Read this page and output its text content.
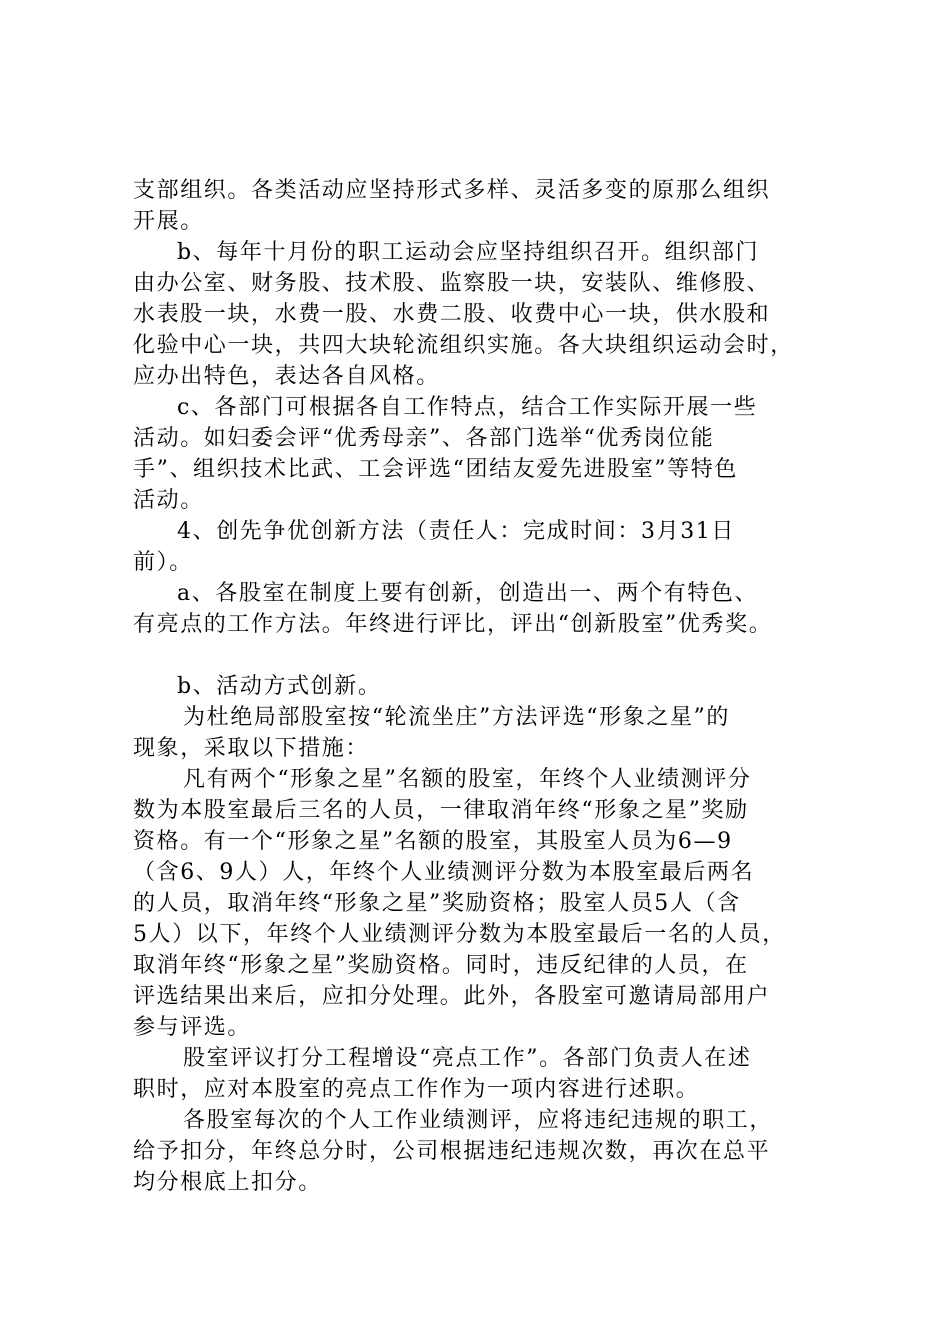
支部组织。各类活动应坚持形式多样、灵活多变的原那么组织
开展。
b、每年十月份的职工运动会应坚持组织召开。组织部门
由办公室、财务股、技术股、监察股一块，安装队、维修股、
水表股一块，水费一股、水费二股、收费中心一块，供水股和
化验中心一块，共四大块轮流组织实施。各大块组织运动会时，
应办出特色，表达各自风格。
c、各部门可根据各自工作特点，结合工作实际开展一些
活动。如妇委会评“优秀母亲”、各部门选举“优秀岗位能
手”、组织技术比武、工会评选“团结友爱先进股室”等特色
活动。
4、创先争优创新方法（责任人：完成时间：3月31日
前）。
a、各股室在制度上要有创新，创造出一、两个有特色、
有亮点的工作方法。年终进行评比，评出“创新股室”优秀奖。
b、活动方式创新。
为杜绝局部股室按“轮流坐庄”方法评选“形象之星”的
现象，采取以下措施：
凡有两个“形象之星”名额的股室，年终个人业绩测评分
数为本股室最后三名的人员，一律取消年终“形象之星”奖励
资格。有一个“形象之星”名额的股室，其股室人员为6—9
（含6、9人）人，年终个人业绩测评分数为本股室最后两名
的人员，取消年终“形象之星”奖励资格；股室人员5人（含
5人）以下，年终个人业绩测评分数为本股室最后一名的人员，
取消年终“形象之星”奖励资格。同时，违反纪律的人员，在
评选结果出来后，应扣分处理。此外，各股室可邀请局部用户
参与评选。
股室评议打分工程增设“亮点工作”。各部门负责人在述
职时，应对本股室的亮点工作作为一项内容进行述职。
各股室每次的个人工作业绩测评，应将违纪违规的职工，
给予扣分，年终总分时，公司根据违纪违规次数，再次在总平
均分根底上扣分。
